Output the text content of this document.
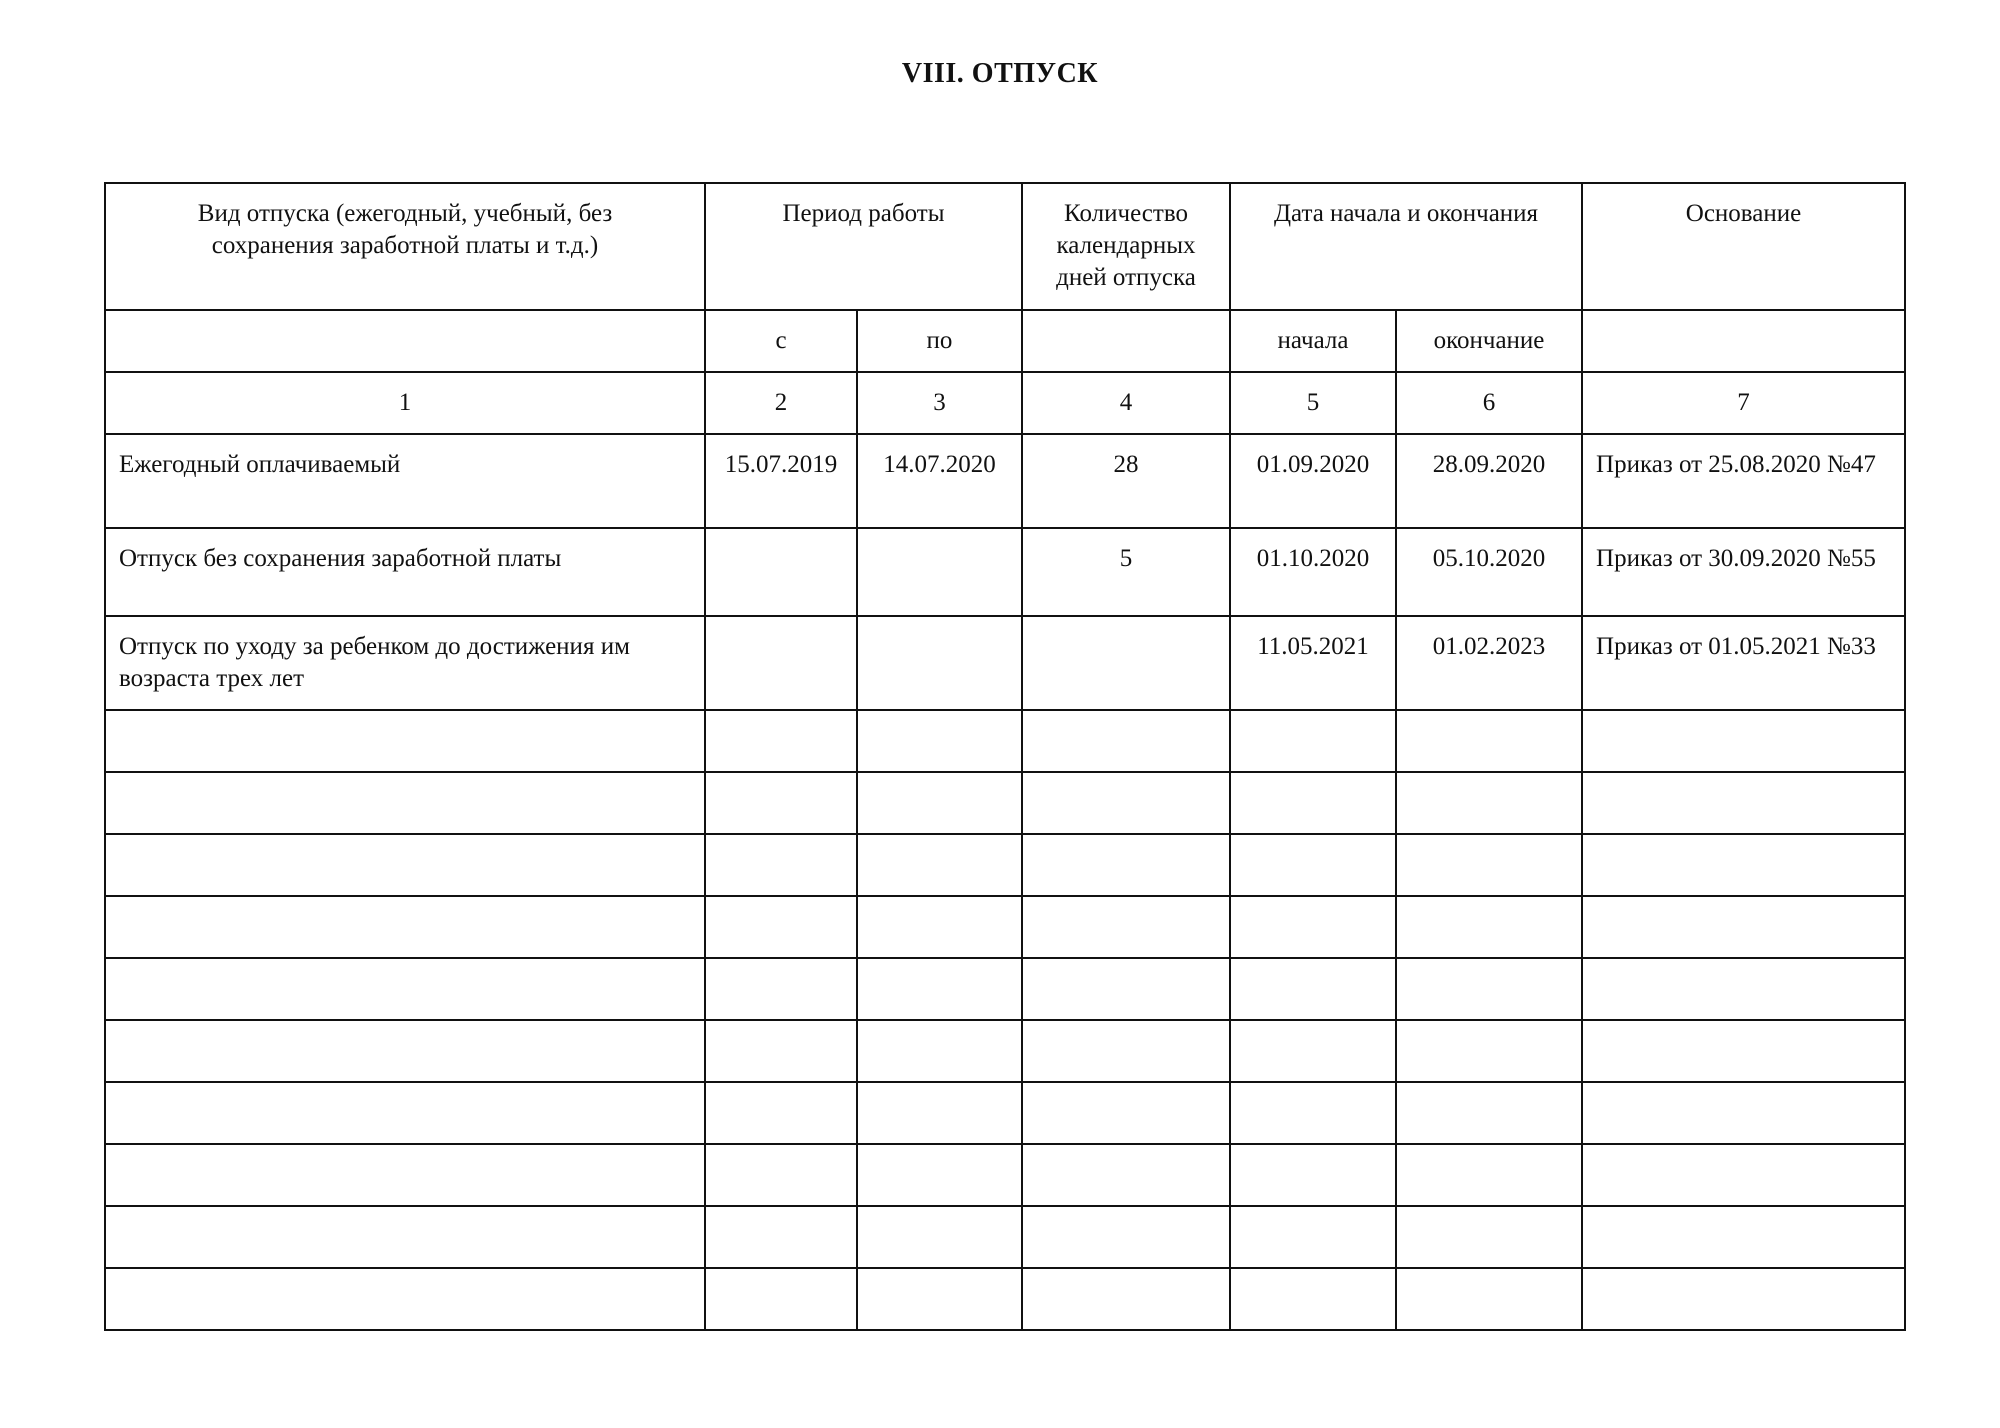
VIII. ОТПУСК
Вид отпуска (ежегодный, учебный, без сохранения заработной платы и т.д.)	Период работы		Количество календарных дней отпуска	Дата начала и окончания		Основание
	с	по		начала	окончание	
1	2	3	4	5	6	7
Ежегодный оплачиваемый	15.07.2019	14.07.2020	28	01.09.2020	28.09.2020	Приказ от 25.08.2020 №47
Отпуск без сохранения заработной платы			5	01.10.2020	05.10.2020	Приказ от 30.09.2020 №55
Отпуск по уходу за ребенком до достижения им возраста трех лет				11.05.2021	01.02.2023	Приказ от 01.05.2021 №33
